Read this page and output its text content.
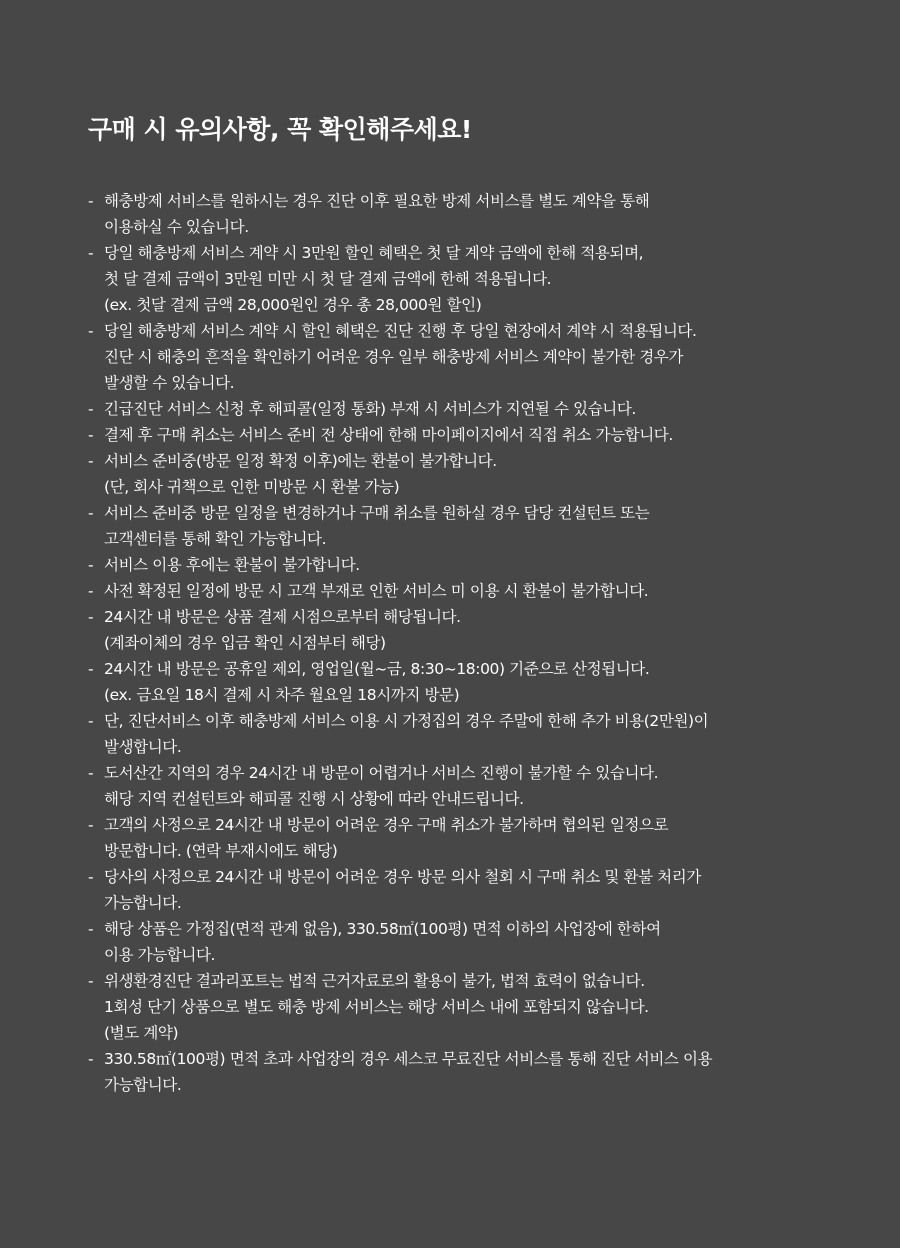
구매 시 유의사항, 꼭 확인해주세요!
- 해충방제 서비스를 원하시는 경우 진단 이후 필요한 방제 서비스를 별도 계약을 통해
이용하실 수 있습니다.
- 당일 해충방제 서비스 계약 시 3만원 할인 혜택은 첫 달 계약 금액에 한해 적용되며,
첫 달 결제 금액이 3만원 미만 시 첫 달 결제 금액에 한해 적용됩니다.
(ex. 첫달 결제 금액 28,000원인 경우 총 28,000원 할인)
- 당일 해충방제 서비스 계약 시 할인 혜택은 진단 진행 후 당일 현장에서 계약 시 적용됩니다.
진단 시 해충의 흔적을 확인하기 어려운 경우 일부 해충방제 서비스 계약이 불가한 경우가
발생할 수 있습니다.
- 긴급진단 서비스 신청 후 해피콜(일정 통화) 부재 시 서비스가 지연될 수 있습니다.
- 결제 후 구매 취소는 서비스 준비 전 상태에 한해 마이페이지에서 직접 취소 가능합니다.
- 서비스 준비중(방문 일정 확정 이후)에는 환불이 불가합니다.
(단, 회사 귀책으로 인한 미방문 시 환불 가능)
- 서비스 준비중 방문 일정을 변경하거나 구매 취소를 원하실 경우 담당 컨설턴트 또는
고객센터를 통해 확인 가능합니다.
- 서비스 이용 후에는 환불이 불가합니다.
- 사전 확정된 일정에 방문 시 고객 부재로 인한 서비스 미 이용 시 환불이 불가합니다.
- 24시간 내 방문은 상품 결제 시점으로부터 해당됩니다.
(계좌이체의 경우 입금 확인 시점부터 해당)
- 24시간 내 방문은 공휴일 제외, 영업일(월~금, 8:30~18:00) 기준으로 산정됩니다.
(ex. 금요일 18시 결제 시 차주 월요일 18시까지 방문)
- 단, 진단서비스 이후 해충방제 서비스 이용 시 가정집의 경우 주말에 한해 추가 비용(2만원)이
발생합니다.
- 도서산간 지역의 경우 24시간 내 방문이 어렵거나 서비스 진행이 불가할 수 있습니다.
해당 지역 컨설턴트와 해피콜 진행 시 상황에 따라 안내드립니다.
- 고객의 사정으로 24시간 내 방문이 어려운 경우 구매 취소가 불가하며 협의된 일정으로
방문합니다. (연락 부재시에도 해당)
- 당사의 사정으로 24시간 내 방문이 어려운 경우 방문 의사 철회 시 구매 취소 및 환불 처리가
가능합니다.
- 해당 상품은 가정집(면적 관계 없음), 330.58㎡(100평) 면적 이하의 사업장에 한하여
이용 가능합니다.
- 위생환경진단 결과리포트는 법적 근거자료로의 활용이 불가, 법적 효력이 없습니다.
1회성 단기 상품으로 별도 해충 방제 서비스는 해당 서비스 내에 포함되지 않습니다.
(별도 계약)
- 330.58㎡(100평) 면적 초과 사업장의 경우 세스코 무료진단 서비스를 통해 진단 서비스 이용
가능합니다.
